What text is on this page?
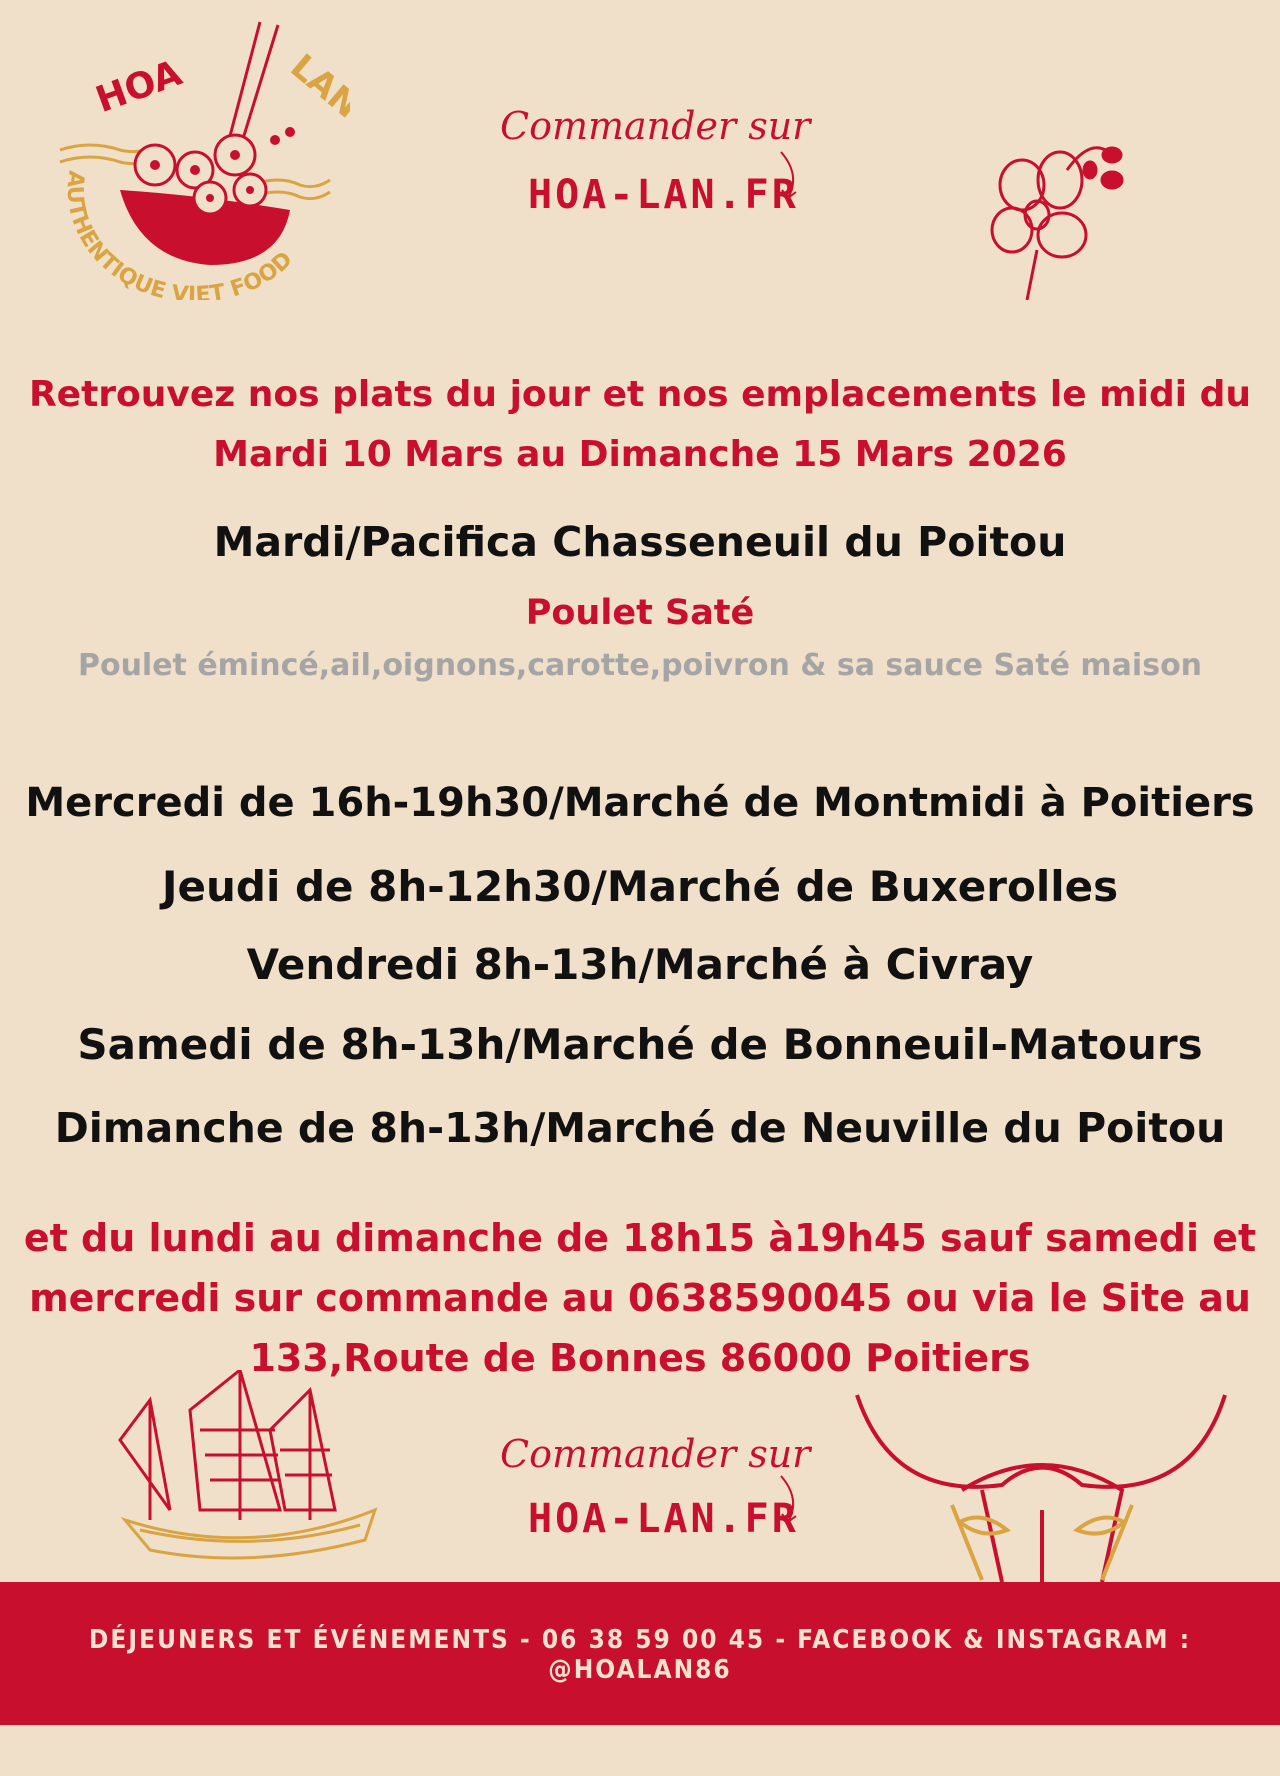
HOA	LAN
AUTHENTIQUE VIET FOOD
Commander sur
HOA-LAN.FR
Retrouvez nos plats du jour et nos emplacements le midi du
Mardi 10 Mars au Dimanche 15 Mars 2026
Mardi/Pacifica Chasseneuil du Poitou
Poulet Saté
Poulet émincé,ail,oignons,carotte,poivron & sa sauce Saté maison
Mercredi de 16h-19h30/Marché de Montmidi à Poitiers
Jeudi de 8h-12h30/Marché de Buxerolles
Vendredi 8h-13h/Marché à Civray
Samedi de 8h-13h/Marché de Bonneuil-Matours
Dimanche de 8h-13h/Marché de Neuville du Poitou
et du lundi au dimanche de 18h15 à19h45 sauf samedi et
mercredi sur commande au 0638590045 ou via le Site au
133,Route de Bonnes 86000 Poitiers
Commander sur
HOA-LAN.FR
DÉJEUNERS ET ÉVÉNEMENTS - 06 38 59 00 45 - FACEBOOK & INSTAGRAM : @HOALAN86
